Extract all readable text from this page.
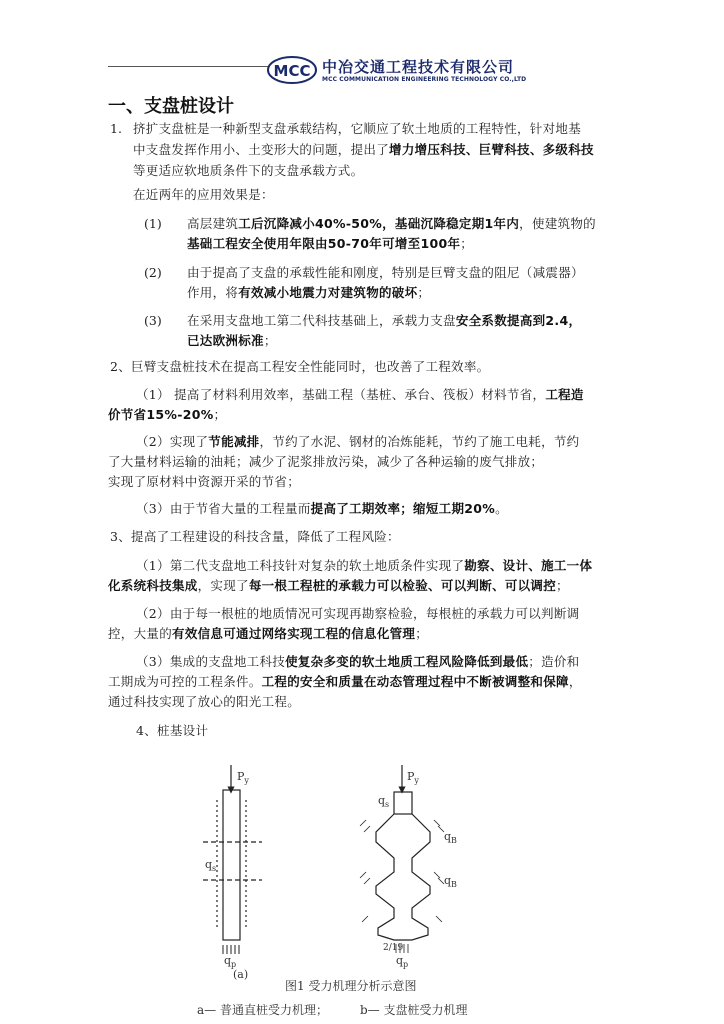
MCC 中冶交通工程技术有限公司
MCC COMMUNICATION ENGINEERING TECHNOLOGY CO.,LTD
一、支盘桩设计
1. 挤扩支盘桩是一种新型支盘承载结构，它顺应了软土地质的工程特性，针对地基
中支盘发挥作用小、土变形大的问题，提出了增力增压科技、巨臂科技、多级科技
等更适应软地质条件下的支盘承载方式。
在近两年的应用效果是：
(1) 高层建筑工后沉降减小40%-50%，基础沉降稳定期1年内，使建筑物的
基础工程安全使用年限由50-70年可增至100年；
(2) 由于提高了支盘的承载性能和刚度，特别是巨臂支盘的阻尼（减震器）
作用，将有效减小地震力对建筑物的破坏；
(3) 在采用支盘地工第二代科技基础上，承载力支盘安全系数提高到2.4，
已达欧洲标准；
2、巨臂支盘桩技术在提高工程安全性能同时，也改善了工程效率。
（1） 提高了材料利用效率，基础工程（基桩、承台、筏板）材料节省，工程造
价节省15%-20%；
（2）实现了节能减排，节约了水泥、钢材的冶炼能耗，节约了施工电耗，节约
了大量材料运输的油耗；减少了泥浆排放污染，减少了各种运输的废气排放；
实现了原材料中资源开采的节省；
（3）由于节省大量的工程量而提高了工期效率；缩短工期20%。
3、提高了工程建设的科技含量，降低了工程风险：
（1）第二代支盘地工科技针对复杂的软土地质条件实现了勘察、设计、施工一体
化系统科技集成，实现了每一根工程桩的承载力可以检验、可以判断、可以调控；
（2）由于每一根桩的地质情况可实现再勘察检验，每根桩的承载力可以判断调
控，大量的有效信息可通过网络实现工程的信息化管理；
（3）集成的支盘地工科技使复杂多变的软土地质工程风险降低到最低；造价和
工期成为可控的工程条件。工程的安全和质量在动态管理过程中不断被调整和保障，
通过科技实现了放心的阳光工程。
4、桩基设计
$P_y$
$q_s$
$q_p$
(a)
$P_y$
$q_s$
$q_B$
$q_B$
$q_p$
2/19
图1 受力机理分析示意图
a— 普通直桩受力机理；	b— 支盘桩受力机理
